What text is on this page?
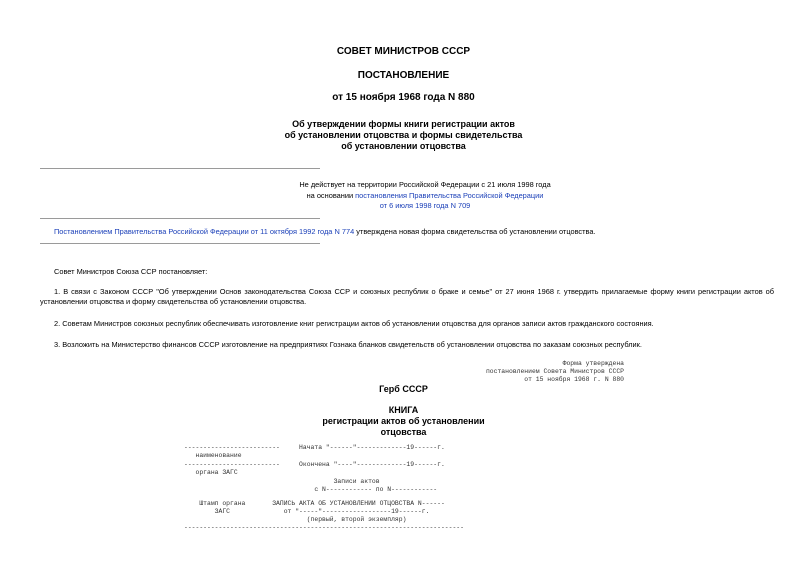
СОВЕТ МИНИСТРОВ СССР
ПОСТАНОВЛЕНИЕ
от 15 ноября 1968 года N 880
Об утверждении формы книги регистрации актов
об установлении отцовства и формы свидетельства
об установлении отцовства
Не действует на территории Российской Федерации с 21 июля 1998 года
на основании постановления Правительства Российской Федерации
от 6 июля 1998 года N 709
Постановлением Правительства Российской Федерации от 11 октября 1992 года N 774 утверждена новая форма свидетельства об установлении отцовства.
Совет Министров Союза ССР постановляет:
1. В связи с Законом СССР "Об утверждении Основ законодательства Союза ССР и союзных республик о браке и семье" от 27 июня 1968 г. утвердить прилагаемые форму книги регистрации актов об установлении отцовства и форму свидетельства об установлении отцовства.
2. Советам Министров союзных республик обеспечивать изготовление книг регистрации актов об установлении отцовства для органов записи актов гражданского состояния.
3. Возложить на Министерство финансов СССР изготовление на предприятиях Гознака бланков свидетельств об установлении отцовства по заказам союзных республик.
Форма утверждена
постановлением Совета Министров СССР
от 15 ноября 1968 г. N 880
Герб СССР
КНИГА
регистрации актов об установлении
отцовства
-------------------------     Начата "------"-------------19------г.
наименование
-------------------------     Окончена "----"-------------19------г.
органа ЗАГС
Записи актов
с N------------ по N------------
Штамп органа       ЗАПИСЬ АКТА ОБ УСТАНОВЛЕНИИ ОТЦОВСТВА N------
ЗАГС              от "-----"------------------19------г.
(первый, второй экземпляр)
-------------------------------------------------------------------------
